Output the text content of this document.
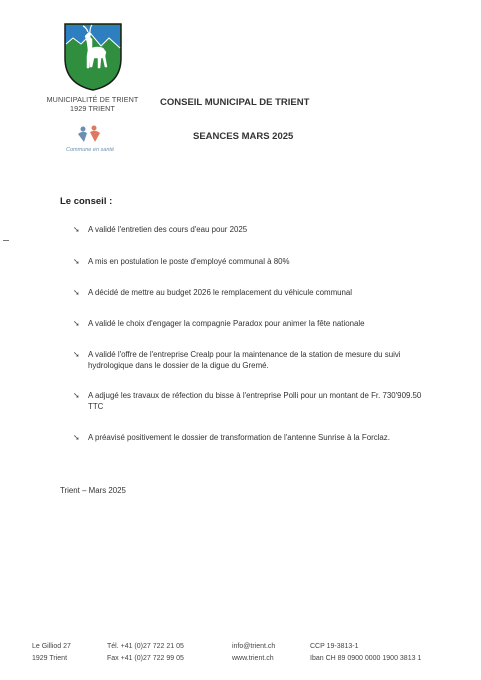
MUNICIPALITÉ DE TRIENT
1929 TRIENT
Commune en santé
CONSEIL MUNICIPAL DE TRIENT
SEANCES MARS 2025
Le conseil :
➘	A validé l'entretien des cours d'eau pour 2025
➘	A mis en postulation le poste d'employé communal à 80%
➘	A décidé de mettre au budget 2026 le remplacement du véhicule communal
➘	A validé le choix d'engager la compagnie Paradox pour animer la fête nationale
➘	A validé l'offre de l'entreprise Crealp pour la maintenance de la station de mesure du suivi hydrologique dans le dossier de la digue du Gremé.
➘	A adjugé les travaux de réfection du bisse à l'entreprise Polli pour un montant de Fr. 730'909.50 TTC
➘	A préavisé positivement le dossier de transformation de l'antenne Sunrise à la Forclaz.
Trient – Mars 2025
Le Gilliod 27
1929 Trient
Tél. +41 (0)27 722 21 05
Fax +41 (0)27 722 99 05
info@trient.ch
www.trient.ch
CCP 19-3813-1
Iban CH 89 0900 0000 1900 3813 1
